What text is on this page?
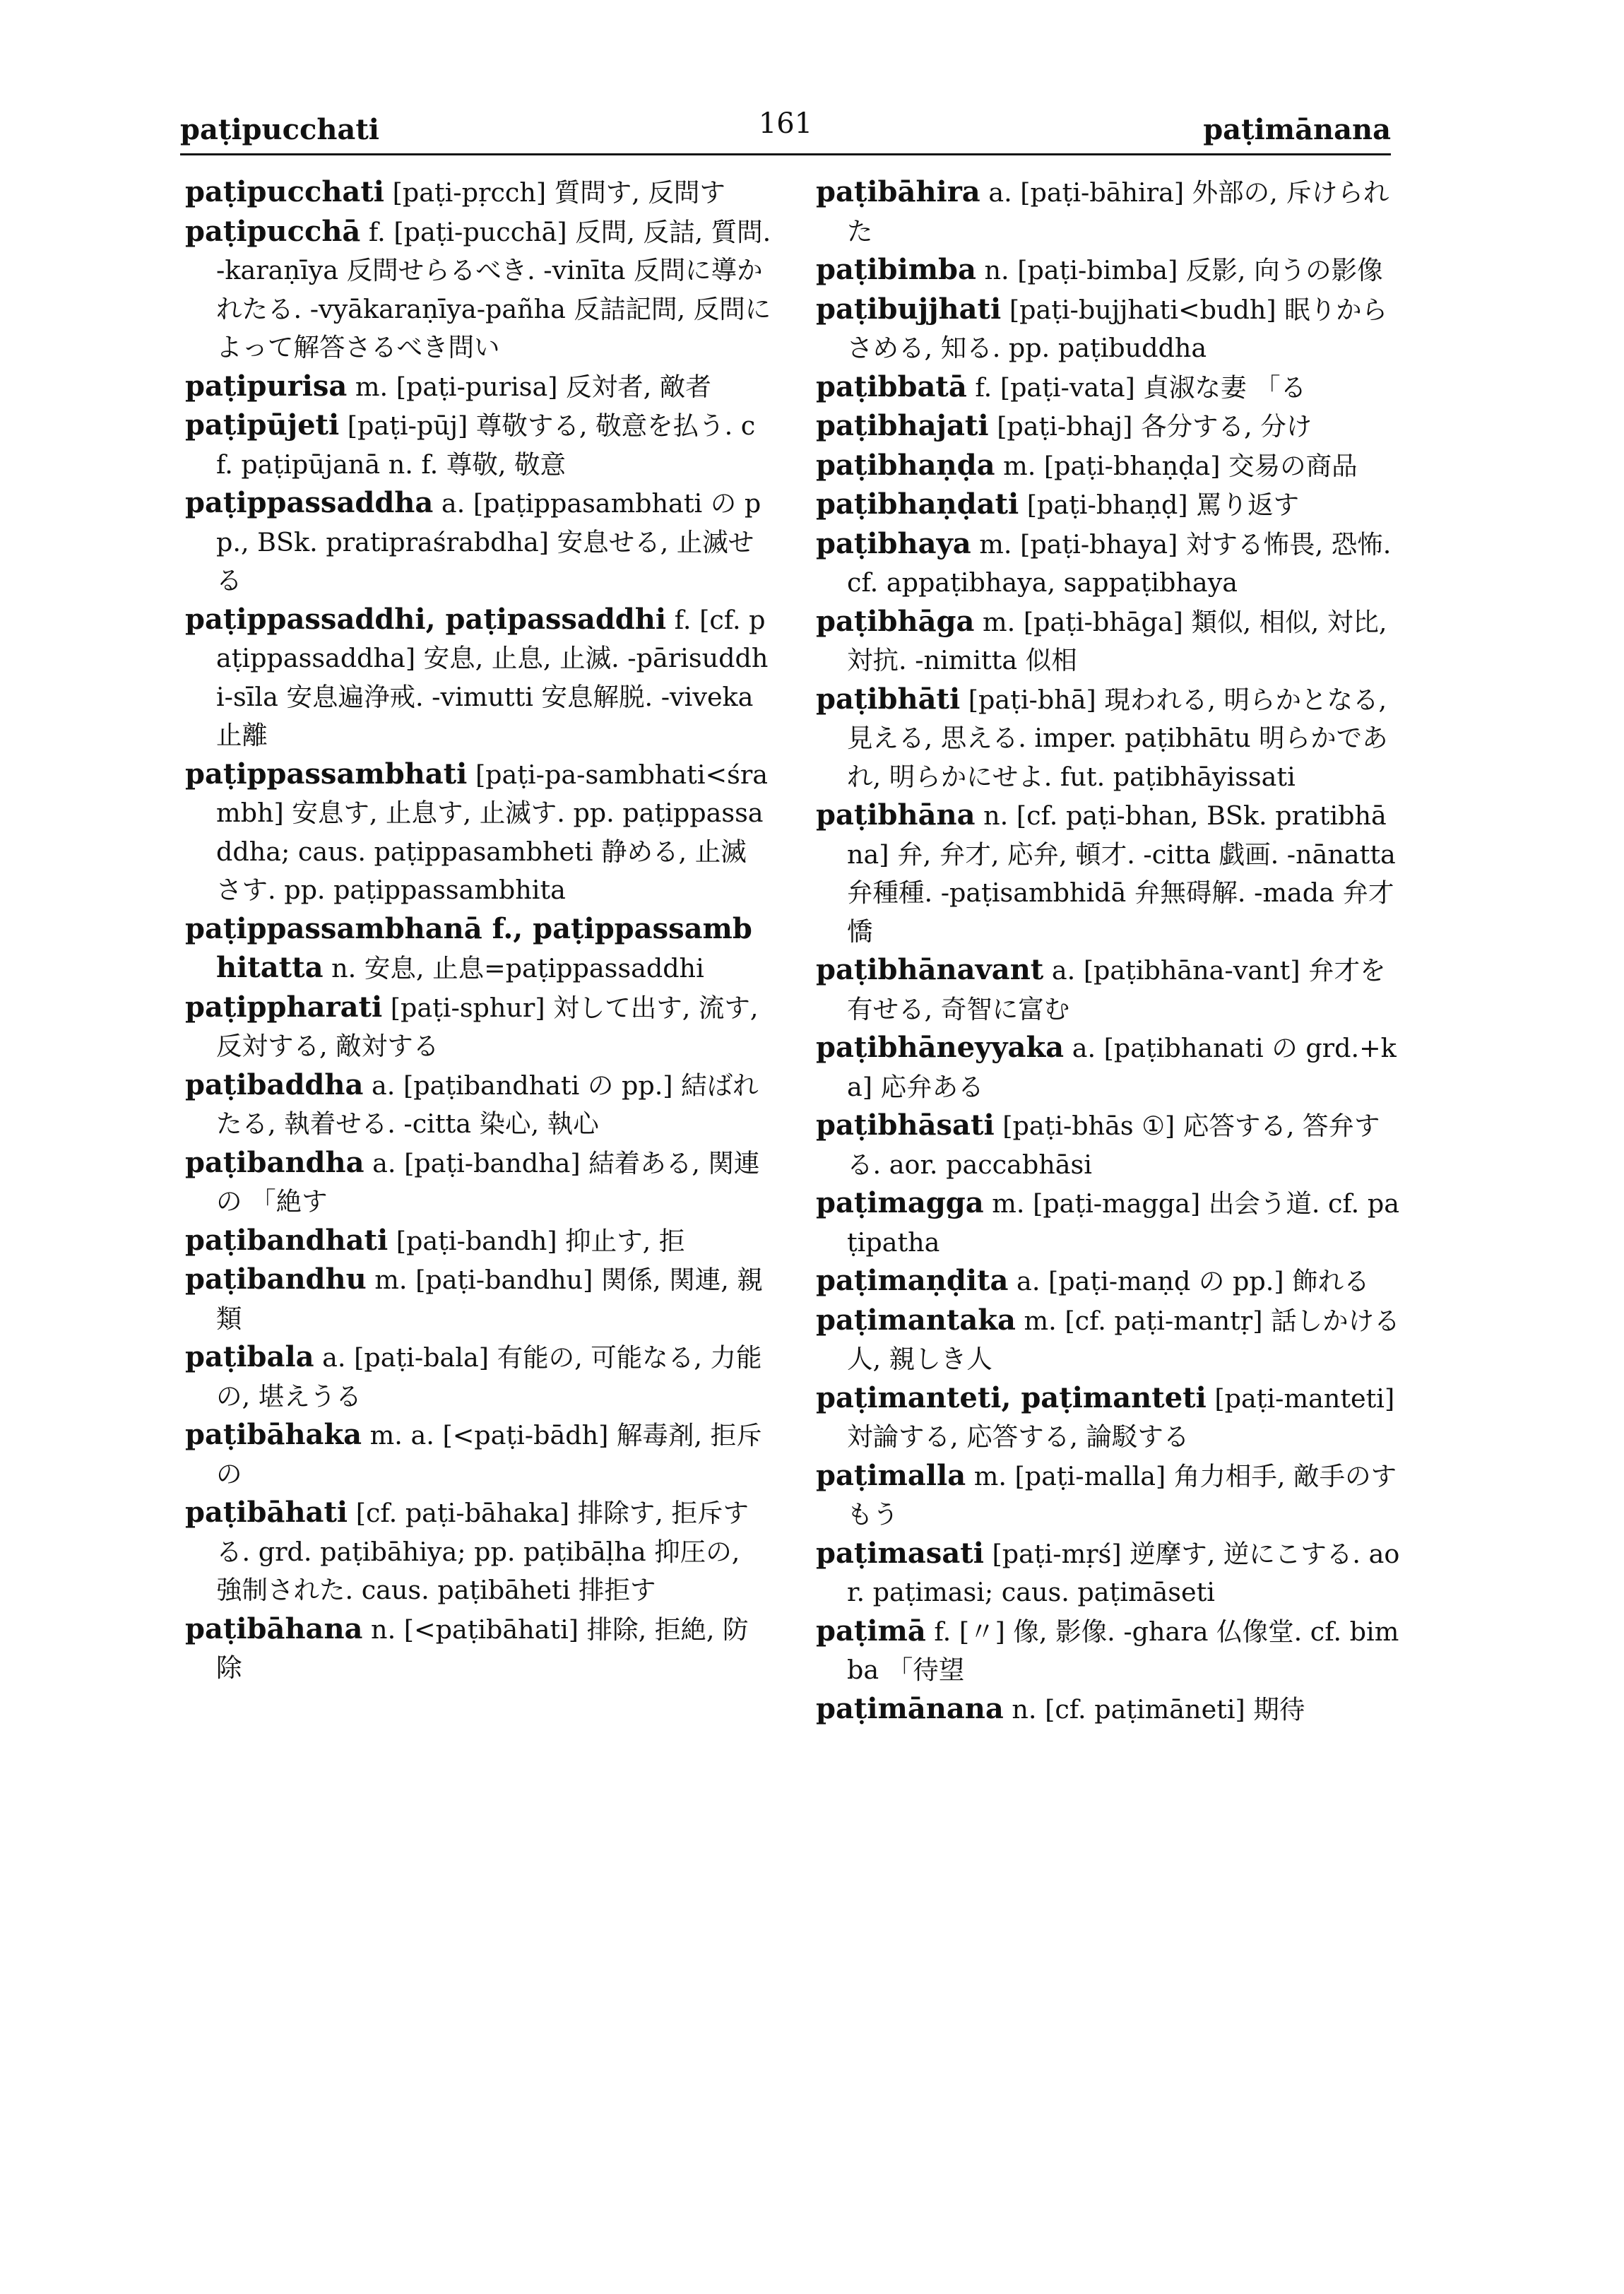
paṭipucchati	161	paṭimānana

paṭipucchati [paṭi-pṛcch] 質問す, 反問す

paṭipucchā f. [paṭi-pucchā] 反問, 反詰, 質問. -karaṇīya 反問せらるべき. -vinīta 反問に導かれたる. -vyākaraṇīya-pañha 反詰記問, 反問によって解答さるべき問い

paṭipurisa m. [paṭi-purisa] 反対者, 敵者

paṭipūjeti [paṭi-pūj] 尊敬する, 敬意を払う. cf. paṭipūjanā n. f. 尊敬, 敬意

paṭippassaddha a. [paṭippasambhati の pp., BSk. pratipraśrabdha] 安息せる, 止滅せる

paṭippassaddhi, paṭipassaddhi f. [cf. paṭippassaddha] 安息, 止息, 止滅. -pārisuddhi-sīla 安息遍浄戒. -vimutti 安息解脱. -viveka 止離

paṭippassambhati [paṭi-pa-sambhati<śrambh] 安息す, 止息す, 止滅す. pp. paṭippassaddha; caus. paṭippasambheti 静める, 止滅さす. pp. paṭippassambhita

paṭippassambhanā f., paṭippassambhitatta n. 安息, 止息=paṭippassaddhi

paṭippharati [paṭi-sphur] 対して出す, 流す, 反対する, 敵対する

paṭibaddha a. [paṭibandhati の pp.] 結ばれたる, 執着せる. -citta 染心, 執心

paṭibandha a. [paṭi-bandha] 結着ある, 関連の 「絶す

paṭibandhati [paṭi-bandh] 抑止す, 拒

paṭibandhu m. [paṭi-bandhu] 関係, 関連, 親類

paṭibala a. [paṭi-bala] 有能の, 可能なる, 力能の, 堪えうる

paṭibāhaka m. a. [<paṭi-bādh] 解毒剤, 拒斥の

paṭibāhati [cf. paṭi-bāhaka] 排除す, 拒斥する. grd. paṭibāhiya; pp. paṭibāḷha 抑圧の, 強制された. caus. paṭibāheti 排拒す

paṭibāhana n. [<paṭibāhati] 排除, 拒絶, 防除

paṭibāhira a. [paṭi-bāhira] 外部の, 斥けられた

paṭibimba n. [paṭi-bimba] 反影, 向うの影像

paṭibujjhati [paṭi-bujjhati<budh] 眠りからさめる, 知る. pp. paṭibuddha

paṭibbatā f. [paṭi-vata] 貞淑な妻 「る

paṭibhajati [paṭi-bhaj] 各分する, 分け

paṭibhaṇḍa m. [paṭi-bhaṇḍa] 交易の商品

paṭibhaṇḍati [paṭi-bhaṇḍ] 罵り返す

paṭibhaya m. [paṭi-bhaya] 対する怖畏, 恐怖. cf. appaṭibhaya, sappaṭibhaya

paṭibhāga m. [paṭi-bhāga] 類似, 相似, 対比, 対抗. -nimitta 似相

paṭibhāti [paṭi-bhā] 現われる, 明らかとなる, 見える, 思える. imper. paṭibhātu 明らかであれ, 明らかにせよ. fut. paṭibhāyissati

paṭibhāna n. [cf. paṭi-bhan, BSk. pratibhāna] 弁, 弁才, 応弁, 頓才. -citta 戯画. -nānatta 弁種種. -paṭisambhidā 弁無碍解. -mada 弁才憍

paṭibhānavant a. [paṭibhāna-vant] 弁才を有せる, 奇智に富む

paṭibhāneyyaka a. [paṭibhanati の grd.+ka] 応弁ある

paṭibhāsati [paṭi-bhās ①] 応答する, 答弁する. aor. paccabhāsi

paṭimagga m. [paṭi-magga] 出会う道. cf. paṭipatha

paṭimaṇḍita a. [paṭi-maṇḍ の pp.] 飾れる

paṭimantaka m. [cf. paṭi-mantṛ] 話しかける人, 親しき人

paṭimanteti, paṭimanteti [paṭi-manteti] 対論する, 応答する, 論駁する

paṭimalla m. [paṭi-malla] 角力相手, 敵手のすもう

paṭimasati [paṭi-mṛś] 逆摩す, 逆にこする. aor. paṭimasi; caus. paṭimāseti

paṭimā f. [〃] 像, 影像. -ghara 仏像堂. cf. bimba 「待望

paṭimānana n. [cf. paṭimāneti] 期待
